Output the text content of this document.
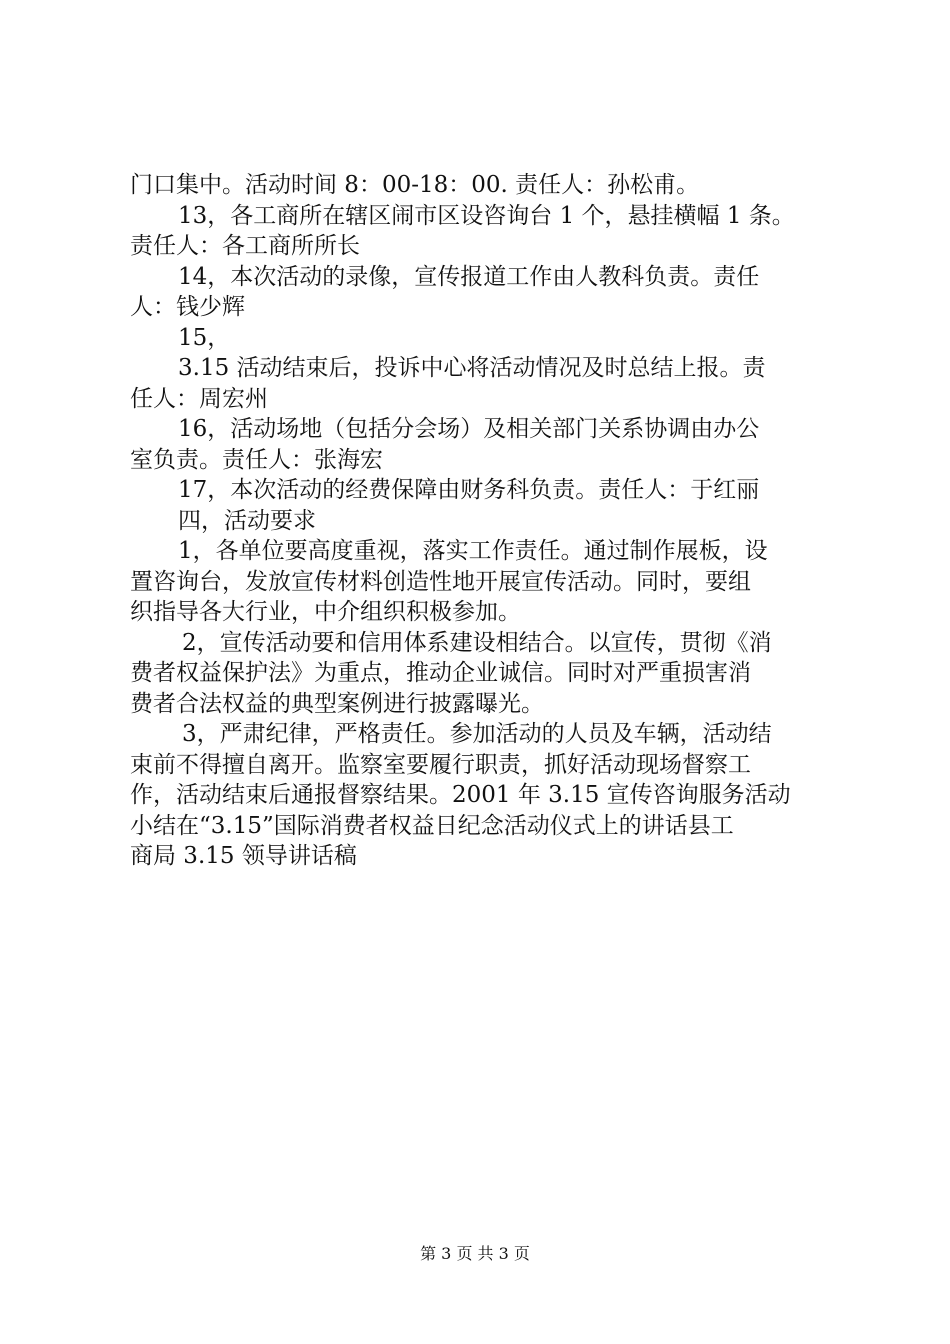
门口集中。活动时间 8：00-18：00. 责任人：孙松甫。
13，各工商所在辖区闹市区设咨询台 1 个，悬挂横幅 1 条。
责任人：各工商所所长
14，本次活动的录像，宣传报道工作由人教科负责。责任
人：钱少辉
15，
3.15 活动结束后，投诉中心将活动情况及时总结上报。责
任人：周宏州
16，活动场地（包括分会场）及相关部门关系协调由办公
室负责。责任人：张海宏
17，本次活动的经费保障由财务科负责。责任人：于红丽
四，活动要求
1，各单位要高度重视，落实工作责任。通过制作展板，设
置咨询台，发放宣传材料创造性地开展宣传活动。同时，要组
织指导各大行业，中介组织积极参加。
2，宣传活动要和信用体系建设相结合。以宣传，贯彻《消
费者权益保护法》为重点，推动企业诚信。同时对严重损害消
费者合法权益的典型案例进行披露曝光。
3，严肃纪律，严格责任。参加活动的人员及车辆，活动结
束前不得擅自离开。监察室要履行职责，抓好活动现场督察工
作，活动结束后通报督察结果。2001 年 3.15 宣传咨询服务活动
小结在“3.15”国际消费者权益日纪念活动仪式上的讲话县工
商局 3.15 领导讲话稿
第 3 页 共 3 页
